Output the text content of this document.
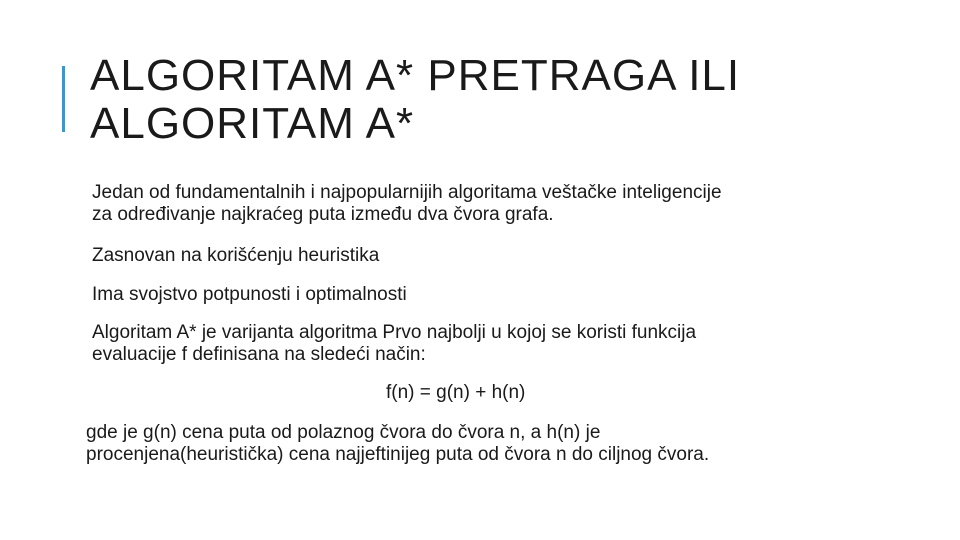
ALGORITAM A* PRETRAGA ILI
ALGORITAM A*

Jedan od fundamentalnih i najpopularnijih algoritama veštačke inteligencije
za određivanje najkraćeg puta između dva čvora grafa.

Zasnovan na korišćenju heuristika

Ima svojstvo potpunosti i optimalnosti

Algoritam A* je varijanta algoritma Prvo najbolji u kojoj se koristi funkcija
evaluacije f definisana na sledeći način:

f(n) = g(n) + h(n)

gde je g(n) cena puta od polaznog čvora do čvora n, a h(n) je
procenjena(heuristička) cena najjeftinijeg puta od čvora n do ciljnog čvora.
